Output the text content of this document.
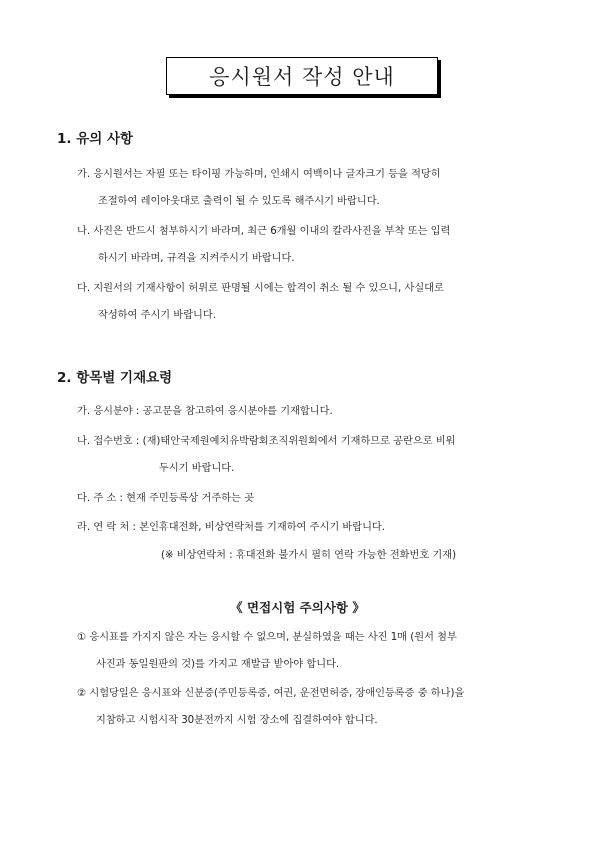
응시원서 작성 안내
1. 유의 사항
가. 응시원서는 자필 또는 타이핑 가능하며, 인쇄시 여백이나 글자크기 등을 적당히
조절하여 레이아웃대로 출력이 될 수 있도록 해주시기 바랍니다.
나. 사진은 반드시 첨부하시기 바라며, 최근 6개월 이내의 칼라사진을 부착 또는 입력
하시기 바라며, 규격을 지켜주시기 바랍니다.
다. 지원서의 기재사항이 허위로 판명될 시에는 합격이 취소 될 수 있으니, 사실대로
작성하여 주시기 바랍니다.
2. 항목별 기재요령
가. 응시분야 : 공고문을 참고하여 응시분야를 기재합니다.
나. 접수번호 : (재)태안국제원예치유박람회조직위원회에서 기재하므로 공란으로 비워
두시기 바랍니다.
다. 주 소 : 현재 주민등록상 거주하는 곳
라. 연 락 처 : 본인휴대전화, 비상연락처를 기재하여 주시기 바랍니다.
(※ 비상연락처 : 휴대전화 불가시 필히 연락 가능한 전화번호 기재)
《 면접시험 주의사항 》
① 응시표를 가지지 않은 자는 응시할 수 없으며, 분실하였을 때는 사진 1매 (원서 첨부
사진과 동일원판의 것)를 가지고 재발급 받아야 합니다.
② 시험당일은 응시표와 신분증(주민등록증, 여권, 운전면허증, 장애인등록증 중 하나)을
지참하고 시험시작 30분전까지 시험 장소에 집결하여야 합니다.
